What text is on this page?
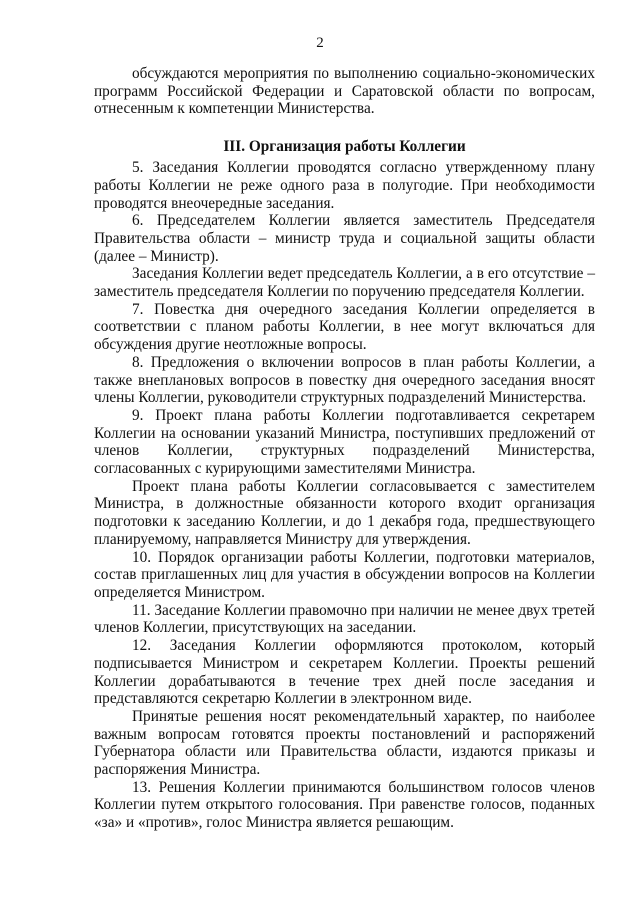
2

обсуждаются мероприятия по выполнению социально-экономических программ Российской Федерации и Саратовской области по вопросам, отнесенным к компетенции Министерства.

III. Организация работы Коллегии

5. Заседания Коллегии проводятся согласно утвержденному плану работы Коллегии не реже одного раза в полугодие. При необходимости проводятся внеочередные заседания.

6. Председателем Коллегии является заместитель Председателя Правительства области – министр труда и социальной защиты области (далее – Министр).

Заседания Коллегии ведет председатель Коллегии, а в его отсутствие – заместитель председателя Коллегии по поручению председателя Коллегии.

7. Повестка дня очередного заседания Коллегии определяется в соответствии с планом работы Коллегии, в нее могут включаться для обсуждения другие неотложные вопросы.

8. Предложения о включении вопросов в план работы Коллегии, а также внеплановых вопросов в повестку дня очередного заседания вносят члены Коллегии, руководители структурных подразделений Министерства.

9. Проект плана работы Коллегии подготавливается секретарем Коллегии на основании указаний Министра, поступивших предложений от членов Коллегии, структурных подразделений Министерства, согласованных с курирующими заместителями Министра.

Проект плана работы Коллегии согласовывается с заместителем Министра, в должностные обязанности которого входит организация подготовки к заседанию Коллегии, и до 1 декабря года, предшествующего планируемому, направляется Министру для утверждения.

10. Порядок организации работы Коллегии, подготовки материалов, состав приглашенных лиц для участия в обсуждении вопросов на Коллегии определяется Министром.

11. Заседание Коллегии правомочно при наличии не менее двух третей членов Коллегии, присутствующих на заседании.

12. Заседания Коллегии оформляются протоколом, который подписывается Министром и секретарем Коллегии. Проекты решений Коллегии дорабатываются в течение трех дней после заседания и представляются секретарю Коллегии в электронном виде.

Принятые решения носят рекомендательный характер, по наиболее важным вопросам готовятся проекты постановлений и распоряжений Губернатора области или Правительства области, издаются приказы и распоряжения Министра.

13. Решения Коллегии принимаются большинством голосов членов Коллегии путем открытого голосования. При равенстве голосов, поданных «за» и «против», голос Министра является решающим.
